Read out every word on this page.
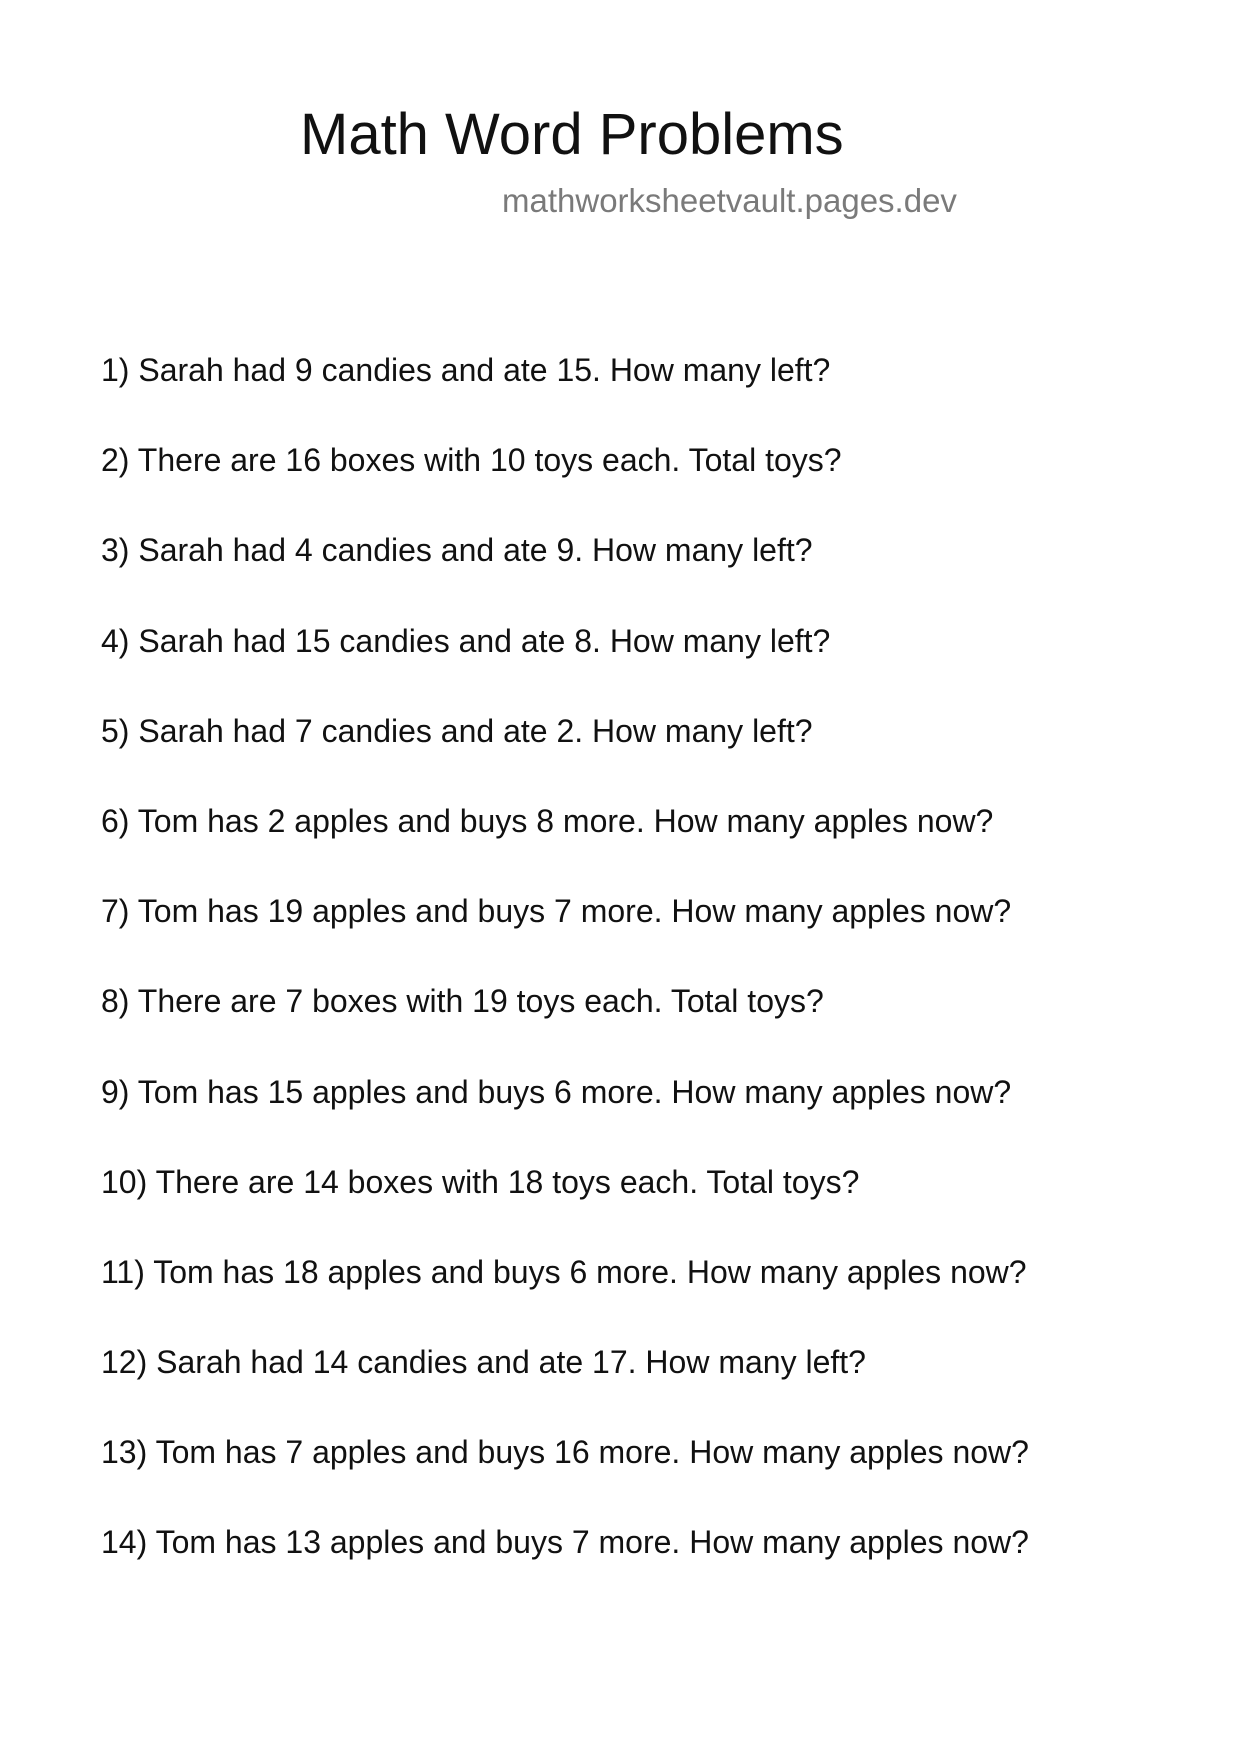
Math Word Problems
mathworksheetvault.pages.dev
1) Sarah had 9 candies and ate 15. How many left?
2) There are 16 boxes with 10 toys each. Total toys?
3) Sarah had 4 candies and ate 9. How many left?
4) Sarah had 15 candies and ate 8. How many left?
5) Sarah had 7 candies and ate 2. How many left?
6) Tom has 2 apples and buys 8 more. How many apples now?
7) Tom has 19 apples and buys 7 more. How many apples now?
8) There are 7 boxes with 19 toys each. Total toys?
9) Tom has 15 apples and buys 6 more. How many apples now?
10) There are 14 boxes with 18 toys each. Total toys?
11) Tom has 18 apples and buys 6 more. How many apples now?
12) Sarah had 14 candies and ate 17. How many left?
13) Tom has 7 apples and buys 16 more. How many apples now?
14) Tom has 13 apples and buys 7 more. How many apples now?
